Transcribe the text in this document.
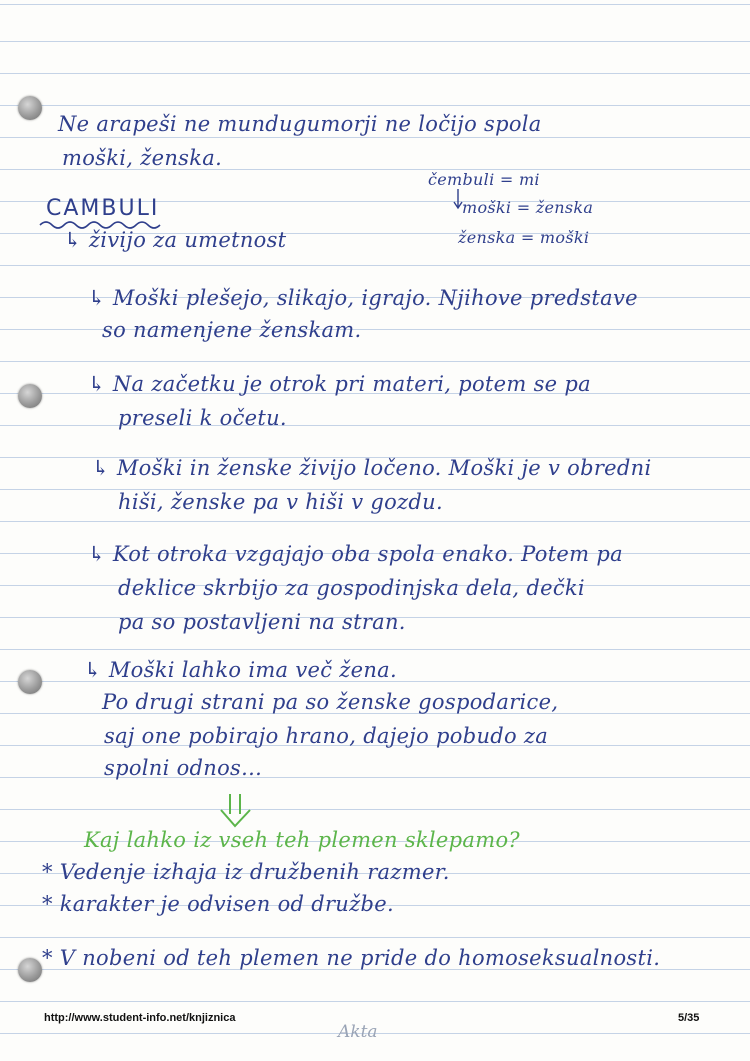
Ne arapeši ne mundugumorji ne ločijo spola
moški, ženska.
CAMBULI
↳ živijo za umetnost
čembuli = mi
moški = ženska
ženska = moški
↳ Moški plešejo, slikajo, igrajo. Njihove predstave
so namenjene ženskam.
↳ Na začetku je otrok pri materi, potem se pa
preseli k očetu.
↳ Moški in ženske živijo ločeno. Moški je v obredni
hiši, ženske pa v hiši v gozdu.
↳ Kot otroka vzgajajo oba spola enako. Potem pa
deklice skrbijo za gospodinjska dela, dečki
pa so postavljeni na stran.
↳ Moški lahko ima več žena.
Po drugi strani pa so ženske gospodarice,
saj one pobirajo hrano, dajejo pobudo za
spolni odnos...
Kaj lahko iz vseh teh plemen sklepamo?
* Vedenje izhaja iz družbenih razmer.
* karakter je odvisen od družbe.
* V nobeni od teh plemen ne pride do homoseksualnosti.
http://www.student-info.net/knjiznica	5/35
Akta
